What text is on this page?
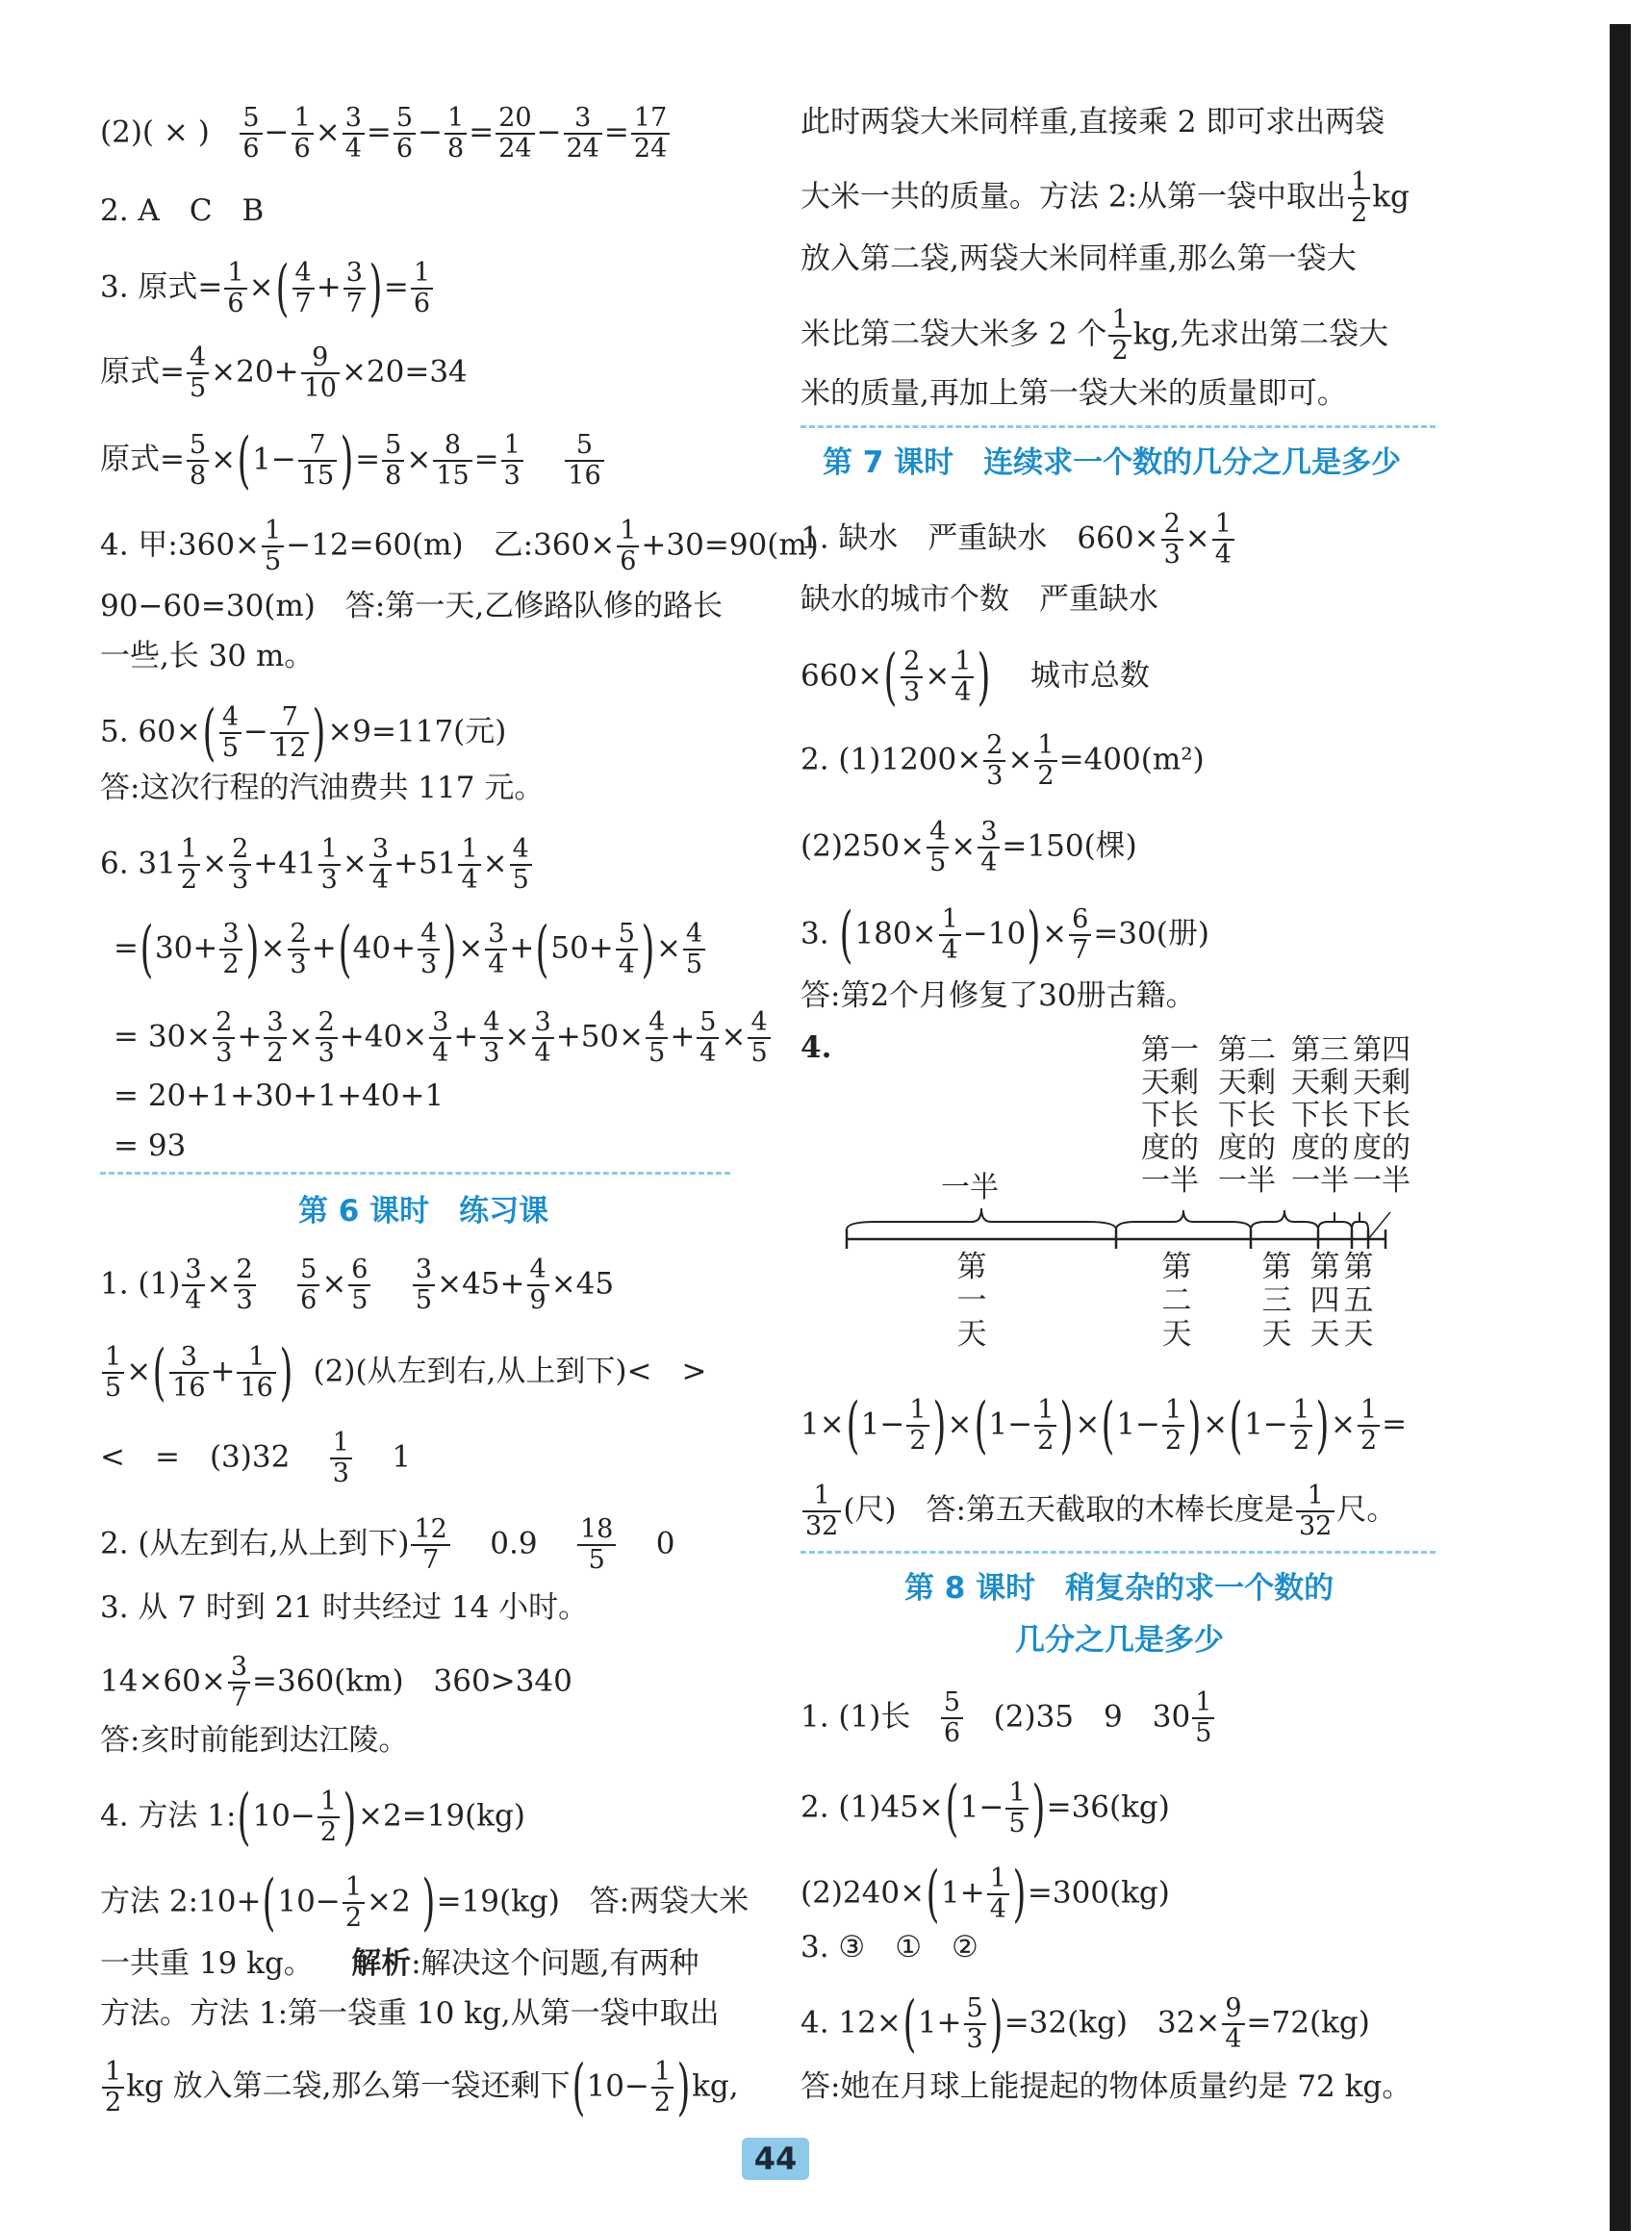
(2)( × ) $\frac{5}{6} - \frac{1}{6} \times \frac{3}{4} = \frac{5}{6} - \frac{1}{8} = \frac{20}{24} - \frac{3}{24} = \frac{17}{24}$
2. A　C　B
3. 原式= $\frac{1}{6}$ ×( $\frac{4}{7} + \frac{3}{7}$ )= $\frac{1}{6}$
原式= $\frac{4}{5} \times 20+ \frac{9}{10} \times 20=34$
原式= $\frac{5}{8} \times(1- \frac{7}{15}$ )= $\frac{5}{8} \times \frac{8}{15} = \frac{1}{3}$
$\frac{5}{16}$
4. 甲:360× $\frac{1}{5} -12=60(m)$　乙:360× $\frac{1}{6} +30=90(m)$
90−60=30(m)　答:第一天,乙修路队修的路长
一些,长 30 m。
5. $60\times( \frac{4}{5} - \frac{7}{12} )\times 9=117$(元)
答:这次行程的汽油费共 117 元。
6. $31 \frac{1}{2} \times \frac{2}{3} +41 \frac{1}{3} \times \frac{3}{4} +51 \frac{1}{4} \times \frac{4}{5}$
$=(30+ \frac{3}{2}$ )× $\frac{2}{3} +(40+ \frac{4}{3}$ )× $\frac{3}{4} +(50+ \frac{5}{4}$ )× $\frac{4}{5}$
= $30\times \frac{2}{3} + \frac{3}{2} \times \frac{2}{3} +40\times \frac{3}{4} + \frac{4}{3} \times \frac{3}{4} +50\times \frac{4}{5} + \frac{5}{4} \times \frac{4}{5}$
= 20+1+30+1+40+1
= 93
第 6 课时　练习课
1. $(1) \frac{3}{4} \times \frac{2}{3}$
$\frac{5}{6} \times \frac{6}{5}$
$\frac{3}{5} \times 45+ \frac{4}{9} \times 45$
$\frac{1}{5}$ ×( $\frac{3}{16} + \frac{1}{16}$ ) (2)(从左到右,从上到下)<　>
<　=　$(3)32 \frac{1}{3} 1$
2. (从左到右,从上到下) $\frac{12}{7} 0.9 \frac{18}{5} 0$
3. 从 7 时到 21 时共经过 14 小时。
$14\times 60\times \frac{3}{7} =360(km)$　360>340
答:亥时前能到达江陵。
4. 方法 1:(10− $\frac{1}{2} )\times 2=19(kg)$
方法 2:10+(10− $\frac{1}{2} \times 2$ )=19(kg)　答:两袋大米
一共重 19 kg。 解析:解决这个问题,有两种
方法。方法 1:第一袋重 10 kg,从第一袋中取出
$\frac{1}{2}$ kg 放入第二袋,那么第一袋还剩下$(10- \frac{1}{2} )kg$,
此时两袋大米同样重,直接乘 2 即可求出两袋
大米一共的质量。方法 2:从第一袋中取出 $\frac{1}{2}$ kg
放入第二袋,两袋大米同样重,那么第一袋大
米比第二袋大米多 2 个 $\frac{1}{2}$ kg,先求出第二袋大
米的质量,再加上第一袋大米的质量即可。
第 7 课时　连续求一个数的几分之几是多少
1. 缺水　严重缺水　$660\times \frac{2}{3} \times \frac{1}{4}$
缺水的城市个数　严重缺水
$660\times( \frac{2}{3} \times \frac{1}{4}$ ) 城市总数
2. $(1)1200\times \frac{2}{3} \times \frac{1}{2} =400(m^2)$
$(2)250\times \frac{4}{5} \times \frac{3}{4} =150$(棵)
3. $(180\times \frac{1}{4} -10)\times \frac{6}{7} =30$(册)
答:第2个月修复了30册古籍。
4.	第一天剩下长度的一半
第二天剩下长度的一半
第三天剩下长度的一半
第四天剩下长度的一半
一半
第一天
第二天
第三天
第四天
第五天
$1\times(1- \frac{1}{2} )\times(1- \frac{1}{2} )\times(1- \frac{1}{2} )\times(1- \frac{1}{2}$ )× $\frac{1}{2}$ =
$\frac{1}{32}$ (尺)　答:第五天截取的木棒长度是 $\frac{1}{32}$ 尺。
第 8 课时　稍复杂的求一个数的
几分之几是多少
1. (1)长 $\frac{5}{6} (2)35$　9　$30 \frac{1}{5}$
2. $(1)45\times(1- \frac{1}{5} )=36(kg)$
$(2)240\times(1+ \frac{1}{4} )=300(kg)$
3. ③　①　②
4. $12\times(1+ \frac{5}{3} )=32(kg)$　$32\times \frac{9}{4} =72(kg)$
答:她在月球上能提起的物体质量约是 72 kg。
44
